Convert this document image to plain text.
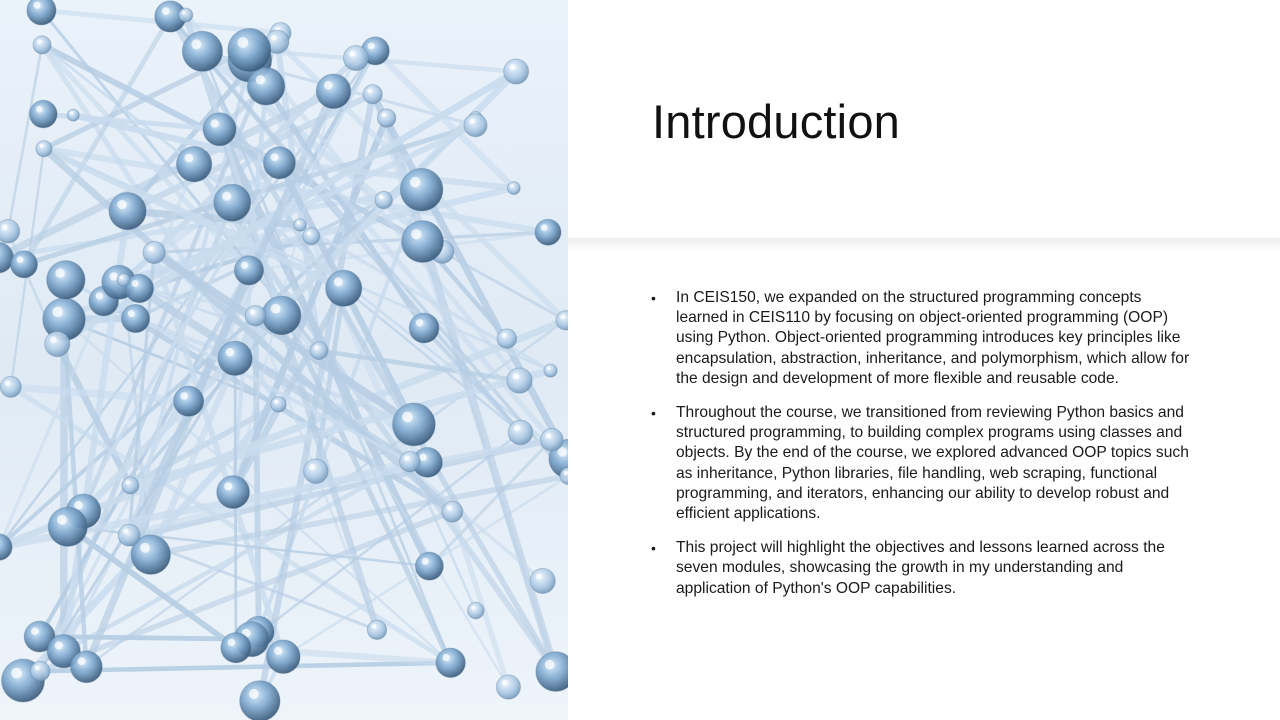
Introduction
• In CEIS150, we expanded on the structured programming concepts learned in CEIS110 by focusing on object-oriented programming (OOP) using Python. Object-oriented programming introduces key principles like encapsulation, abstraction, inheritance, and polymorphism, which allow for the design and development of more flexible and reusable code.
• Throughout the course, we transitioned from reviewing Python basics and structured programming, to building complex programs using classes and objects. By the end of the course, we explored advanced OOP topics such as inheritance, Python libraries, file handling, web scraping, functional programming, and iterators, enhancing our ability to develop robust and efficient applications.
• This project will highlight the objectives and lessons learned across the seven modules, showcasing the growth in my understanding and application of Python's OOP capabilities.
